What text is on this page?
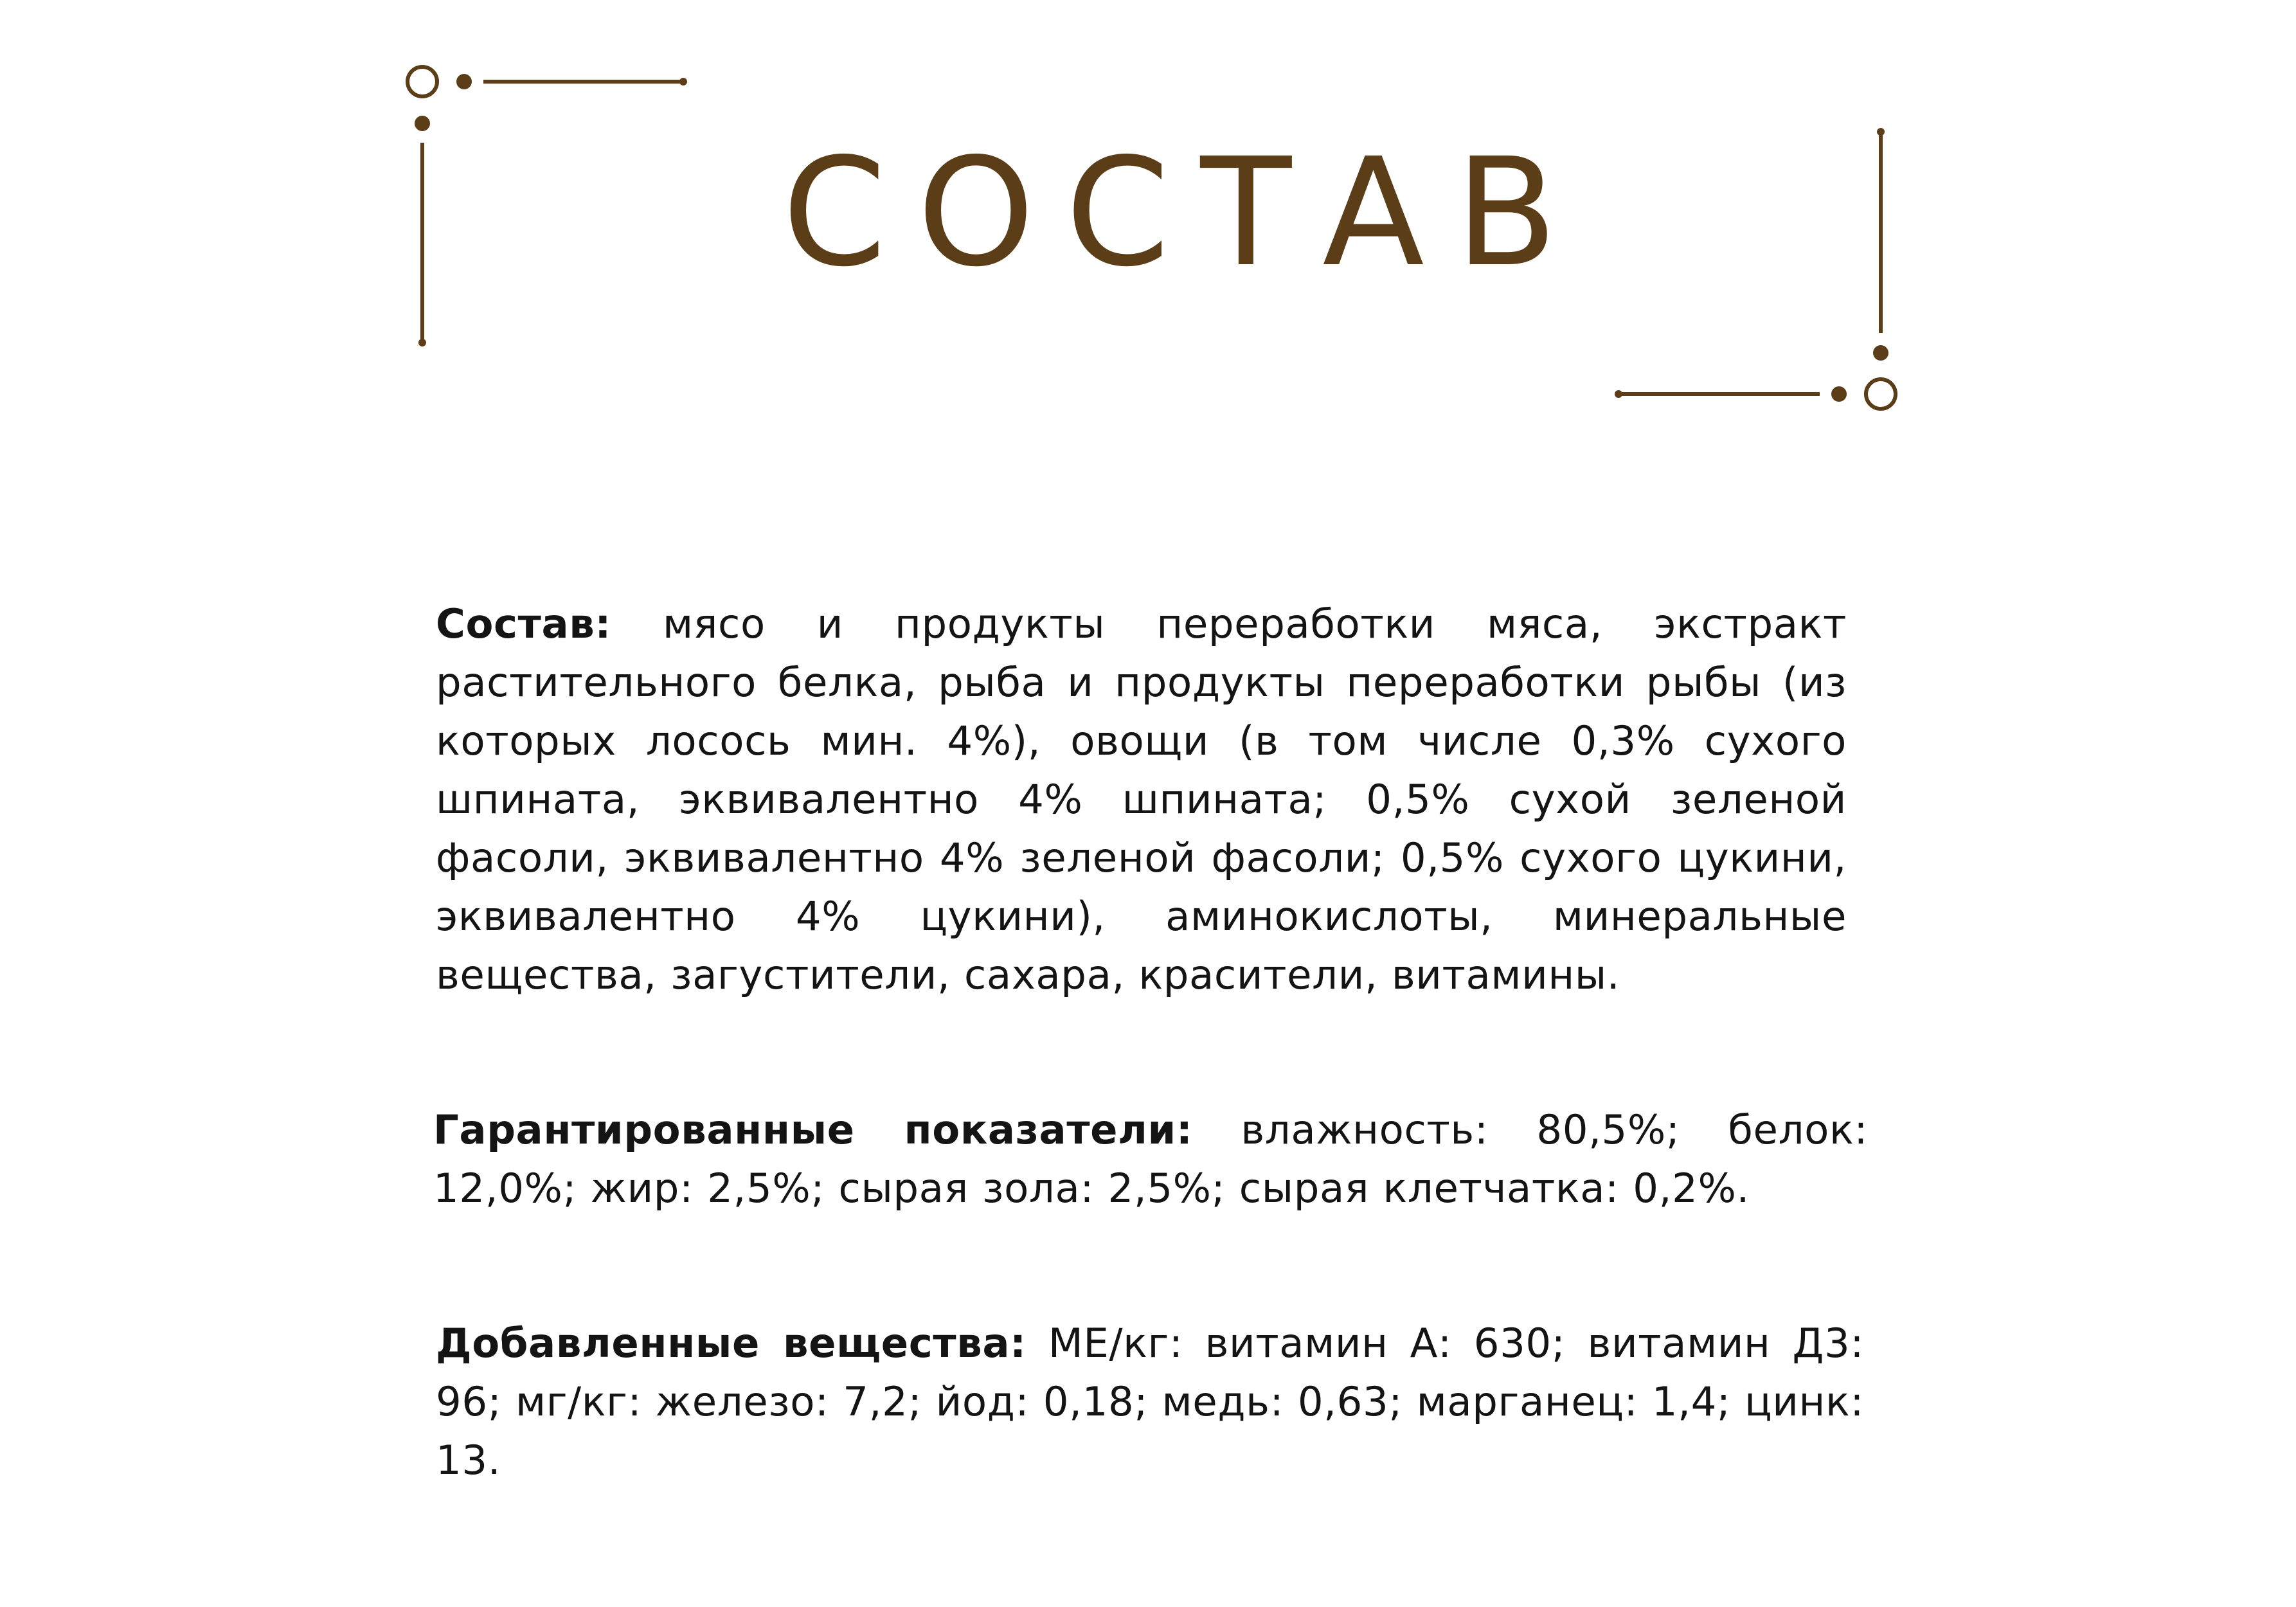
СОСТАВ

Состав: мясо и продукты переработки мяса, экстракт растительного белка, рыба и продукты переработки рыбы (из которых лосось мин. 4%), овощи (в том числе 0,3% сухого шпината, эквивалентно 4% шпината; 0,5% сухой зеленой фасоли, эквивалентно 4% зеленой фасоли; 0,5% сухого цукини, эквивалентно 4% цукини), аминокислоты, минеральные вещества, загустители, сахара, красители, витамины.

Гарантированные показатели: влажность: 80,5%; белок: 12,0%; жир: 2,5%; сырая зола: 2,5%; сырая клетчатка: 0,2%.

Добавленные вещества: МЕ/кг: витамин А: 630; витамин Д3: 96; мг/кг: железо: 7,2; йод: 0,18; медь: 0,63; марганец: 1,4; цинк: 13.
